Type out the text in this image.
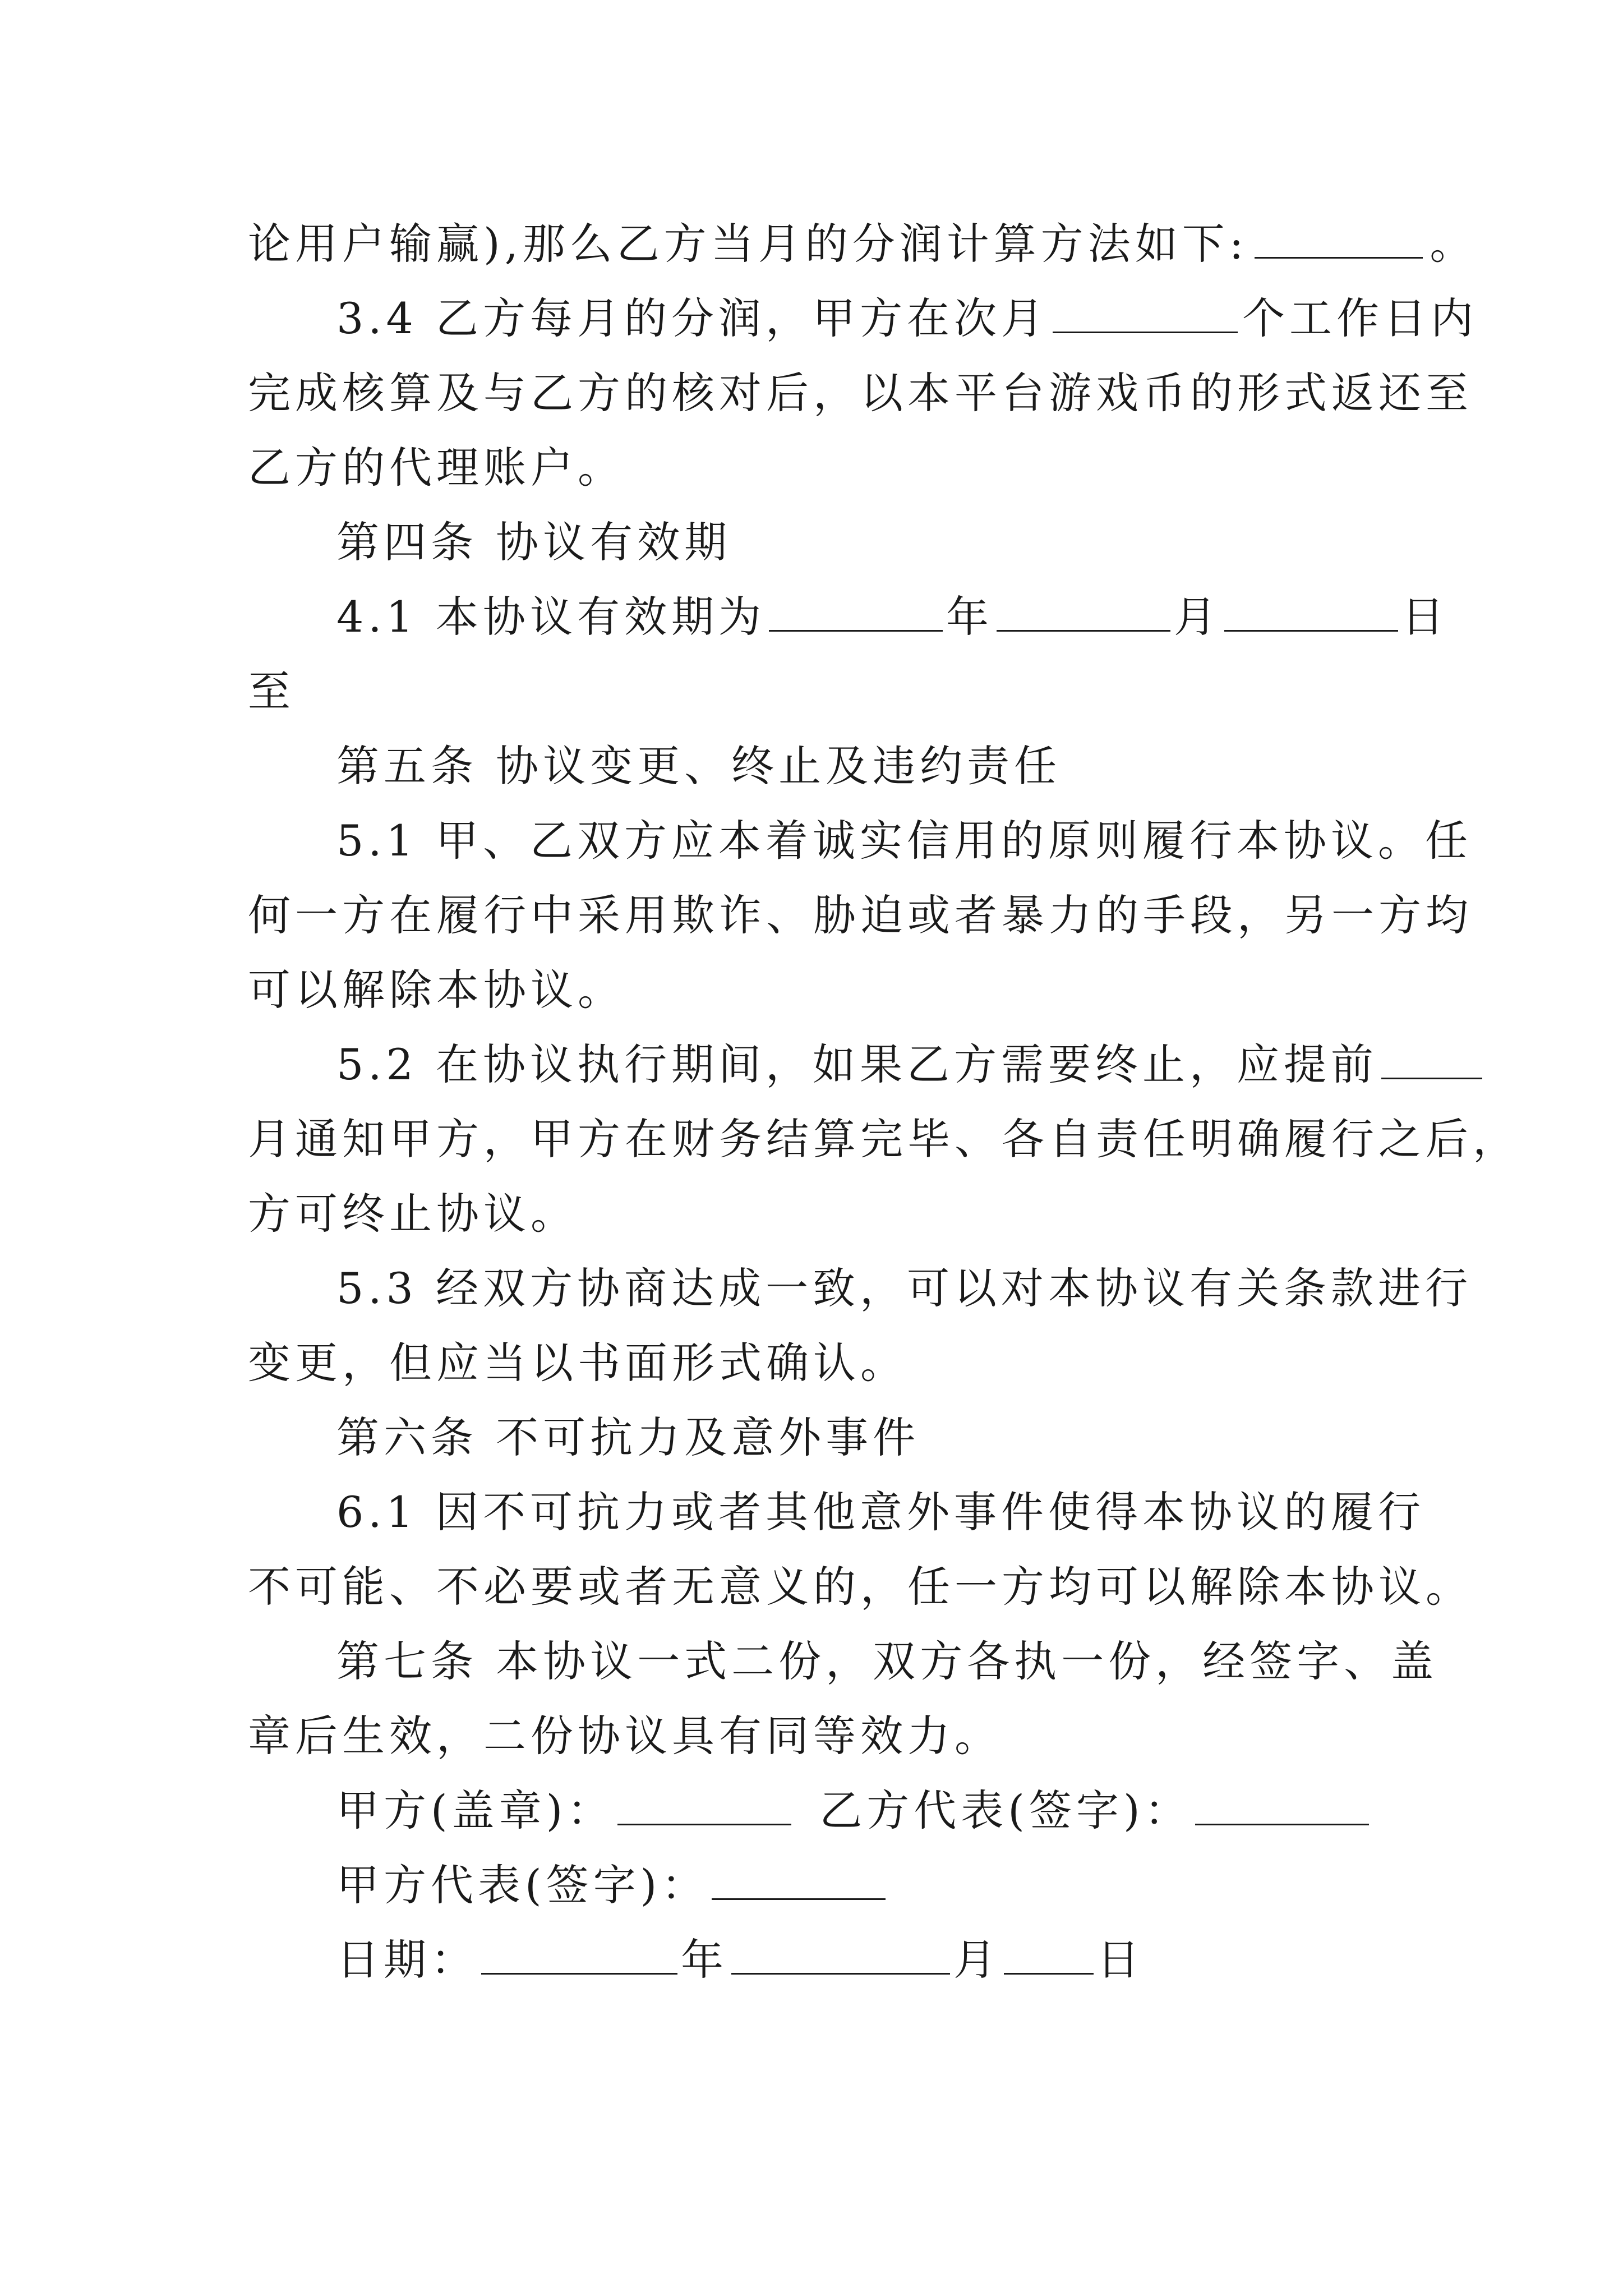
论用户输赢),那么乙方当月的分润计算方法如下:	。
3.4 乙方每月的分润，甲方在次月	个工作日内
完成核算及与乙方的核对后，以本平台游戏币的形式返还至
乙方的代理账户。
第四条 协议有效期
4.1 本协议有效期为	年	月	日
至
第五条 协议变更、终止及违约责任
5.1 甲、乙双方应本着诚实信用的原则履行本协议。任
何一方在履行中采用欺诈、胁迫或者暴力的手段，另一方均
可以解除本协议。
5.2 在协议执行期间，如果乙方需要终止，应提前
月通知甲方，甲方在财务结算完毕、各自责任明确履行之后，
方可终止协议。
5.3 经双方协商达成一致，可以对本协议有关条款进行
变更，但应当以书面形式确认。
第六条 不可抗力及意外事件
6.1 因不可抗力或者其他意外事件使得本协议的履行
不可能、不必要或者无意义的，任一方均可以解除本协议。
第七条 本协议一式二份，双方各执一份，经签字、盖
章后生效，二份协议具有同等效力。
甲方(盖章)：	乙方代表(签字)：
甲方代表(签字)：
日期：	年	月 日
